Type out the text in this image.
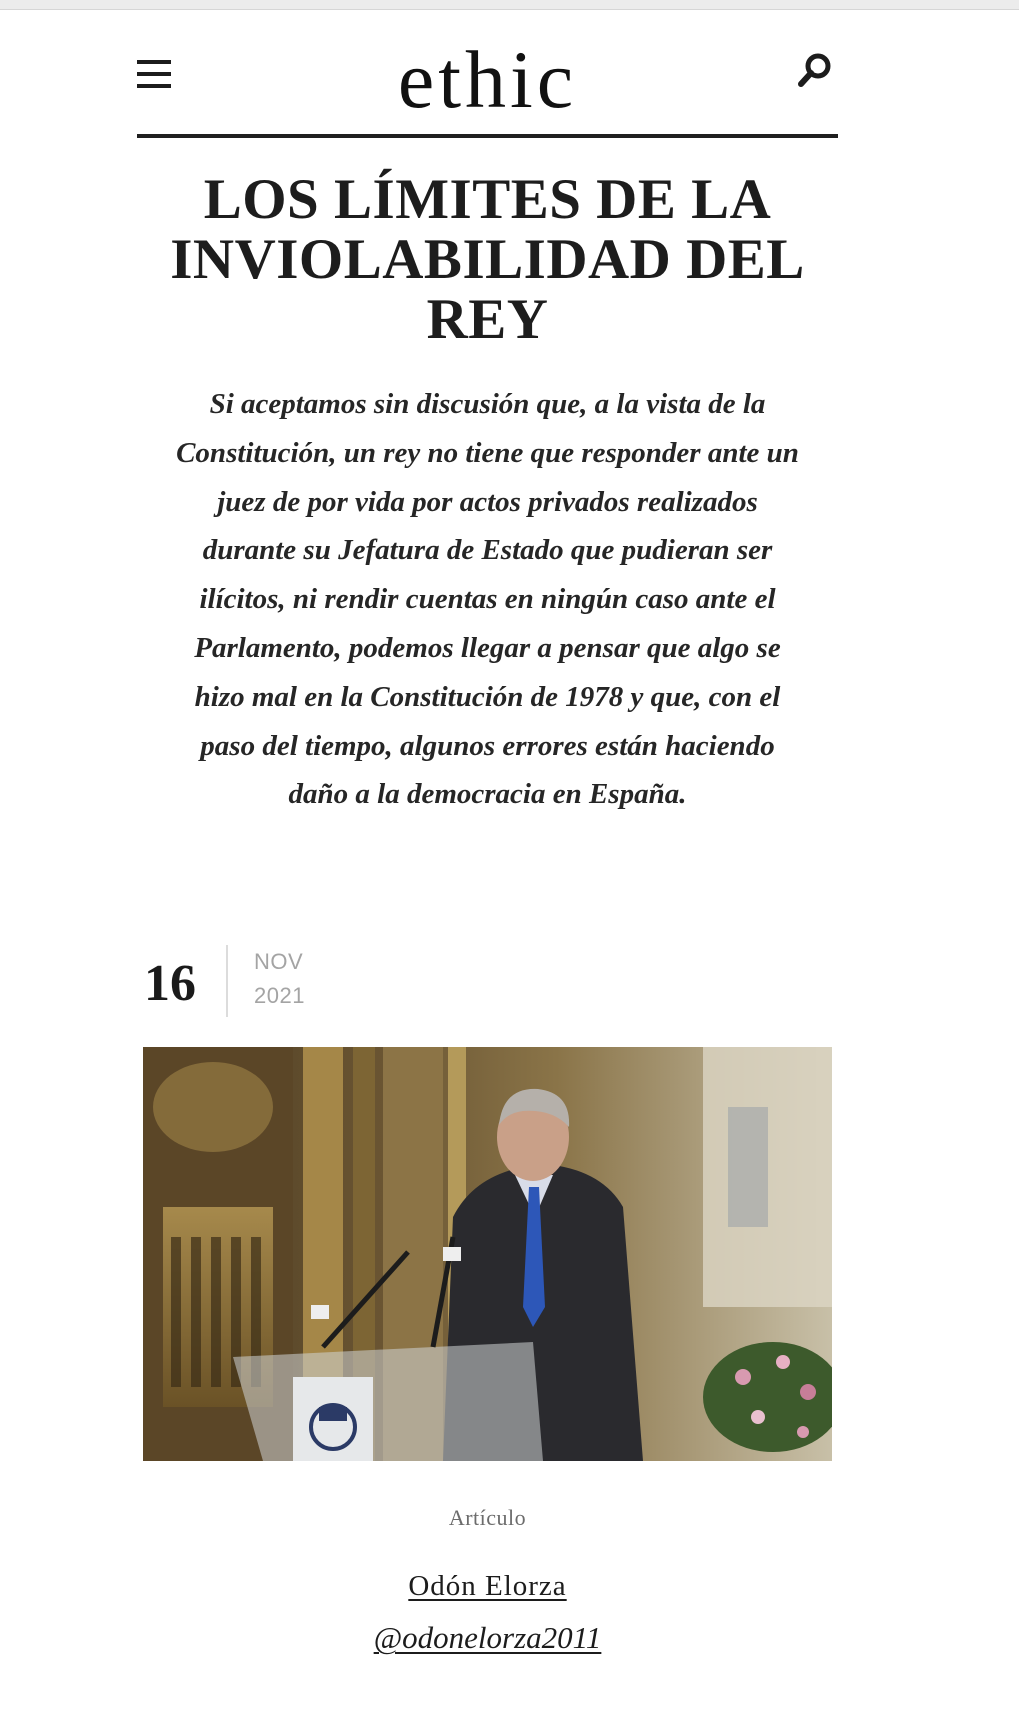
ethic
LOS LÍMITES DE LA INVIOLABILIDAD DEL REY

Si aceptamos sin discusión que, a la vista de la Constitución, un rey no tiene que responder ante un juez de por vida por actos privados realizados durante su Jefatura de Estado que pudieran ser ilícitos, ni rendir cuentas en ningún caso ante el Parlamento, podemos llegar a pensar que algo se hizo mal en la Constitución de 1978 y que, con el paso del tiempo, algunos errores están haciendo daño a la democracia en España.

16	NOV
2021
Artículo
Odón Elorza
@odonelorza2011
